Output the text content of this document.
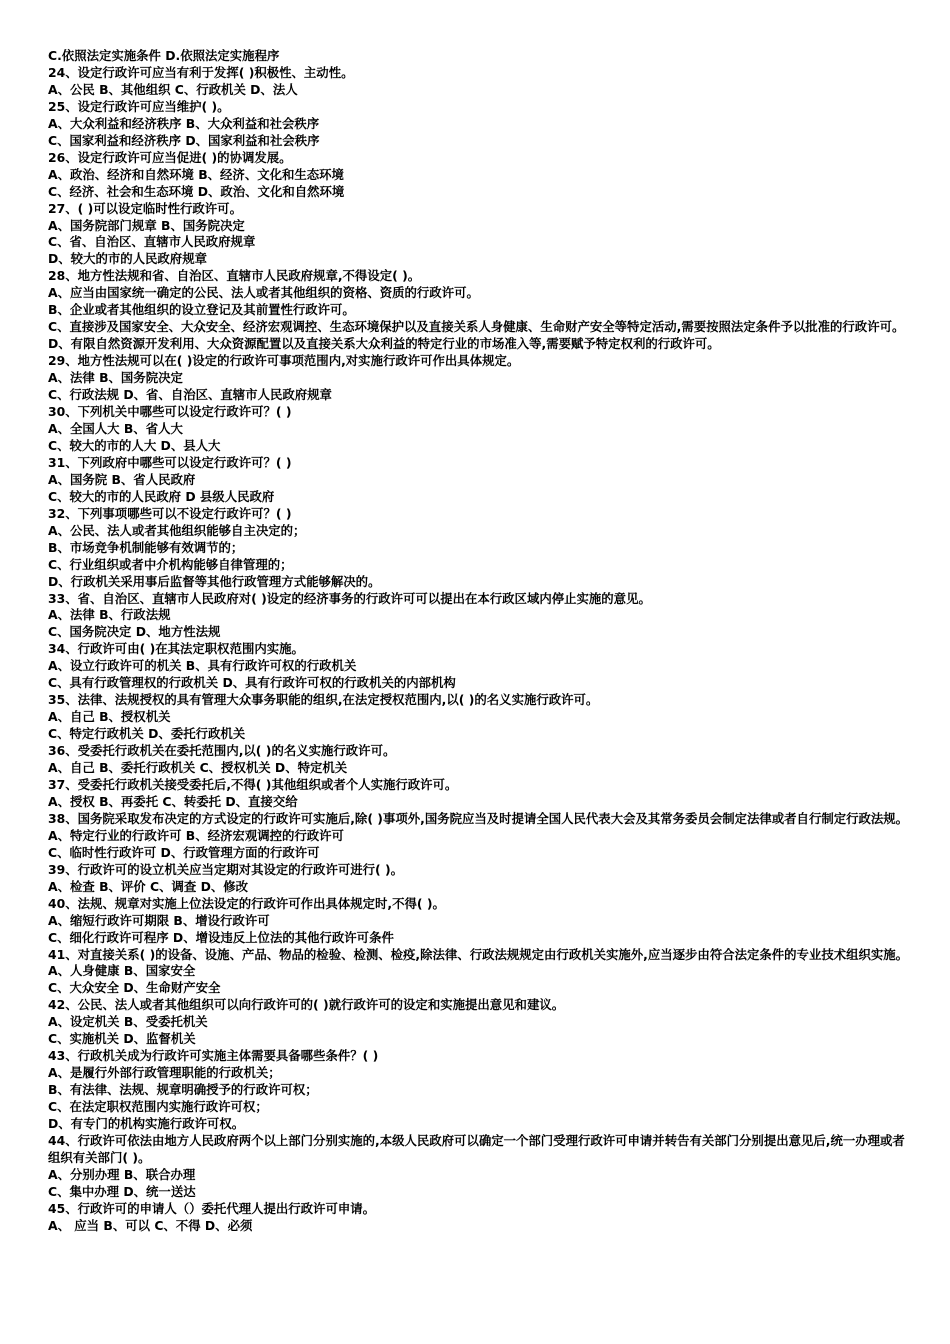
C.依照法定实施条件 D.依照法定实施程序
24、设定行政许可应当有利于发挥( )积极性、主动性。
A、公民 B、其他组织 C、行政机关 D、法人
25、设定行政许可应当维护( )。
A、大众利益和经济秩序 B、大众利益和社会秩序
C、国家利益和经济秩序 D、国家利益和社会秩序
26、设定行政许可应当促进( )的协调发展。
A、政治、经济和自然环境 B、经济、文化和生态环境
C、经济、社会和生态环境 D、政治、文化和自然环境
27、( )可以设定临时性行政许可。
A、国务院部门规章 B、国务院决定
C、省、自治区、直辖市人民政府规章
D、较大的市的人民政府规章
28、地方性法规和省、自治区、直辖市人民政府规章,不得设定( )。
A、应当由国家统一确定的公民、法人或者其他组织的资格、资质的行政许可。
B、企业或者其他组织的设立登记及其前置性行政许可。
C、直接涉及国家安全、大众安全、经济宏观调控、生态环境保护以及直接关系人身健康、生命财产安全等特定活动,需要按照法定条件予以批准的行政许可。
D、有限自然资源开发利用、大众资源配置以及直接关系大众利益的特定行业的市场准入等,需要赋予特定权利的行政许可。
29、地方性法规可以在( )设定的行政许可事项范围内,对实施行政许可作出具体规定。
A、法律 B、国务院决定
C、行政法规 D、省、自治区、直辖市人民政府规章
30、下列机关中哪些可以设定行政许可？( )
A、全国人大 B、省人大
C、较大的市的人大 D、县人大
31、下列政府中哪些可以设定行政许可？( )
A、国务院 B、省人民政府
C、较大的市的人民政府 D 县级人民政府
32、下列事项哪些可以不设定行政许可？( )
A、公民、法人或者其他组织能够自主决定的；
B、市场竞争机制能够有效调节的；
C、行业组织或者中介机构能够自律管理的；
D、行政机关采用事后监督等其他行政管理方式能够解决的。
33、省、自治区、直辖市人民政府对( )设定的经济事务的行政许可可以提出在本行政区域内停止实施的意见。
A、法律 B、行政法规
C、国务院决定 D、地方性法规
34、行政许可由( )在其法定职权范围内实施。
A、设立行政许可的机关 B、具有行政许可权的行政机关
C、具有行政管理权的行政机关 D、具有行政许可权的行政机关的内部机构
35、法律、法规授权的具有管理大众事务职能的组织,在法定授权范围内,以( )的名义实施行政许可。
A、自己 B、授权机关
C、特定行政机关 D、委托行政机关
36、受委托行政机关在委托范围内,以( )的名义实施行政许可。
A、自己 B、委托行政机关 C、授权机关 D、特定机关
37、受委托行政机关接受委托后,不得( )其他组织或者个人实施行政许可。
A、授权 B、再委托 C、转委托 D、直接交给
38、国务院采取发布决定的方式设定的行政许可实施后,除( )事项外,国务院应当及时提请全国人民代表大会及其常务委员会制定法律或者自行制定行政法规。
A、特定行业的行政许可 B、经济宏观调控的行政许可
C、临时性行政许可 D、行政管理方面的行政许可
39、行政许可的设立机关应当定期对其设定的行政许可进行( )。
A、检查 B、评价 C、调查 D、修改
40、法规、规章对实施上位法设定的行政许可作出具体规定时,不得( )。
A、缩短行政许可期限 B、增设行政许可
C、细化行政许可程序 D、增设违反上位法的其他行政许可条件
41、对直接关系( )的设备、设施、产品、物品的检验、检测、检疫,除法律、行政法规规定由行政机关实施外,应当逐步由符合法定条件的专业技术组织实施。
A、人身健康 B、国家安全
C、大众安全 D、生命财产安全
42、公民、法人或者其他组织可以向行政许可的( )就行政许可的设定和实施提出意见和建议。
A、设定机关 B、受委托机关
C、实施机关 D、监督机关
43、行政机关成为行政许可实施主体需要具备哪些条件？( )
A、是履行外部行政管理职能的行政机关；
B、有法律、法规、规章明确授予的行政许可权；
C、在法定职权范围内实施行政许可权；
D、有专门的机构实施行政许可权。
44、行政许可依法由地方人民政府两个以上部门分别实施的,本级人民政府可以确定一个部门受理行政许可申请并转告有关部门分别提出意见后,统一办理或者组织有关部门( )。
A、分别办理 B、联合办理
C、集中办理 D、统一送达
45、行政许可的申请人（）委托代理人提出行政许可申请。
A、 应当 B、可以 C、不得 D、必须
